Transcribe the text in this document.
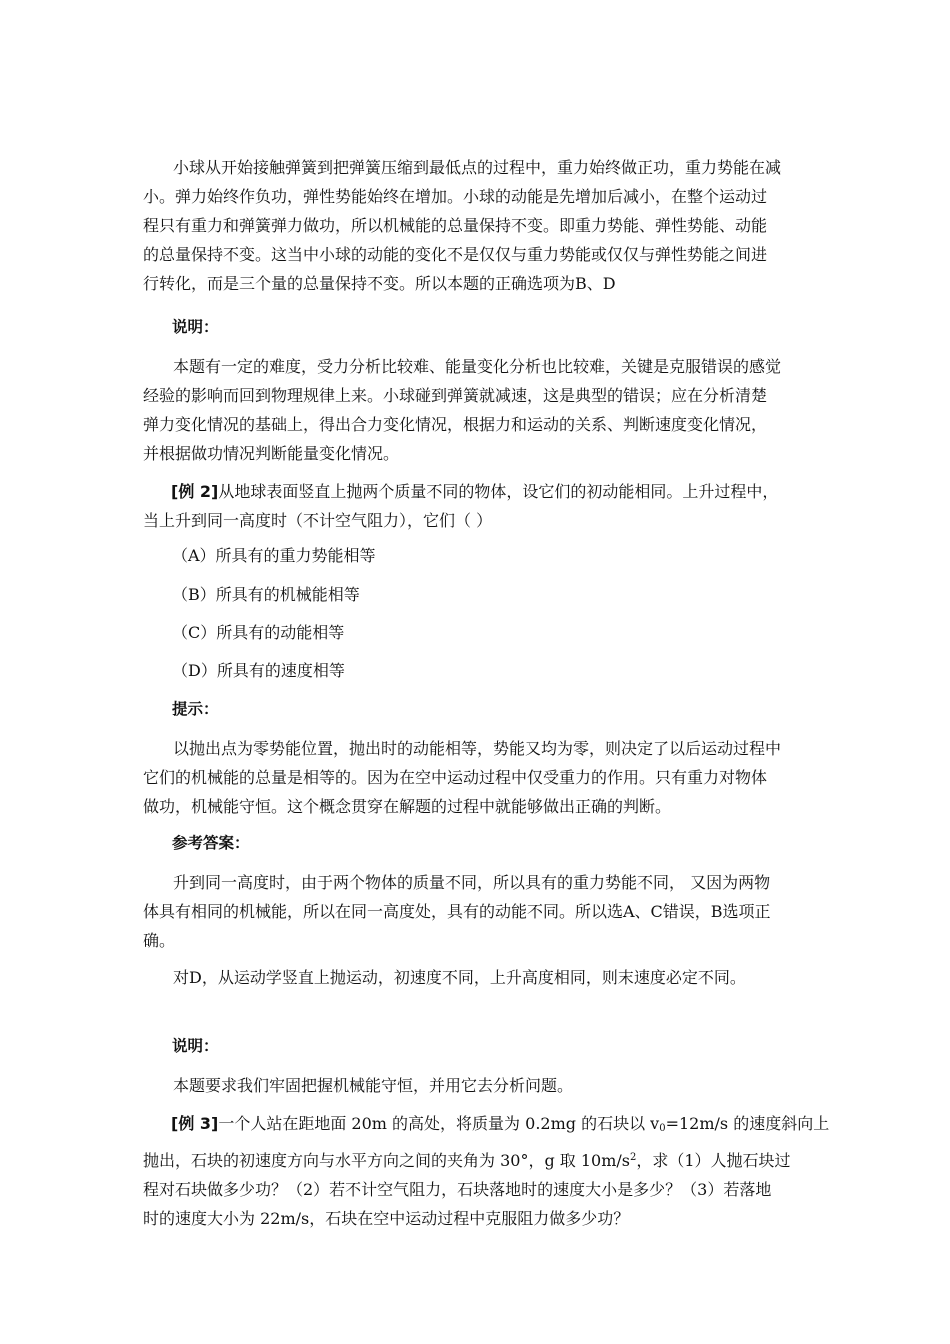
小球从开始接触弹簧到把弹簧压缩到最低点的过程中，重力始终做正功，重力势能在减
小。弹力始终作负功，弹性势能始终在增加。小球的动能是先增加后减小，在整个运动过
程只有重力和弹簧弹力做功，所以机械能的总量保持不变。即重力势能、弹性势能、动能
的总量保持不变。这当中小球的动能的变化不是仅仅与重力势能或仅仅与弹性势能之间进
行转化，而是三个量的总量保持不变。所以本题的正确选项为B、D

说明：

本题有一定的难度，受力分析比较难、能量变化分析也比较难，关键是克服错误的感觉
经验的影响而回到物理规律上来。小球碰到弹簧就减速，这是典型的错误；应在分析清楚
弹力变化情况的基础上，得出合力变化情况，根据力和运动的关系、判断速度变化情况，
并根据做功情况判断能量变化情况。
[例 2]从地球表面竖直上抛两个质量不同的物体，设它们的初动能相同。上升过程中，
当上升到同一高度时（不计空气阻力），它们（ ）

（A）所具有的重力势能相等

（B）所具有的机械能相等

（C）所具有的动能相等

（D）所具有的速度相等

提示：

以抛出点为零势能位置，抛出时的动能相等，势能又均为零，则决定了以后运动过程中
它们的机械能的总量是相等的。因为在空中运动过程中仅受重力的作用。只有重力对物体
做功，机械能守恒。这个概念贯穿在解题的过程中就能够做出正确的判断。

参考答案：

升到同一高度时，由于两个物体的质量不同，所以具有的重力势能不同， 又因为两物
体具有相同的机械能，所以在同一高度处，具有的动能不同。所以选A、C错误，B选项正
确。
对D，从运动学竖直上抛运动，初速度不同，上升高度相同，则末速度必定不同。

说明：

本题要求我们牢固把握机械能守恒，并用它去分析问题。
[例 3]一个人站在距地面 20m 的高处，将质量为 0.2mg 的石块以 $v_0=12m/s$ 的速度斜向上
抛出，石块的初速度方向与水平方向之间的夹角为 30°，g 取 $10m/s^2$，求（1）人抛石块过
程对石块做多少功？（2）若不计空气阻力，石块落地时的速度大小是多少？（3）若落地
时的速度大小为 22m/s，石块在空中运动过程中克服阻力做多少功？
